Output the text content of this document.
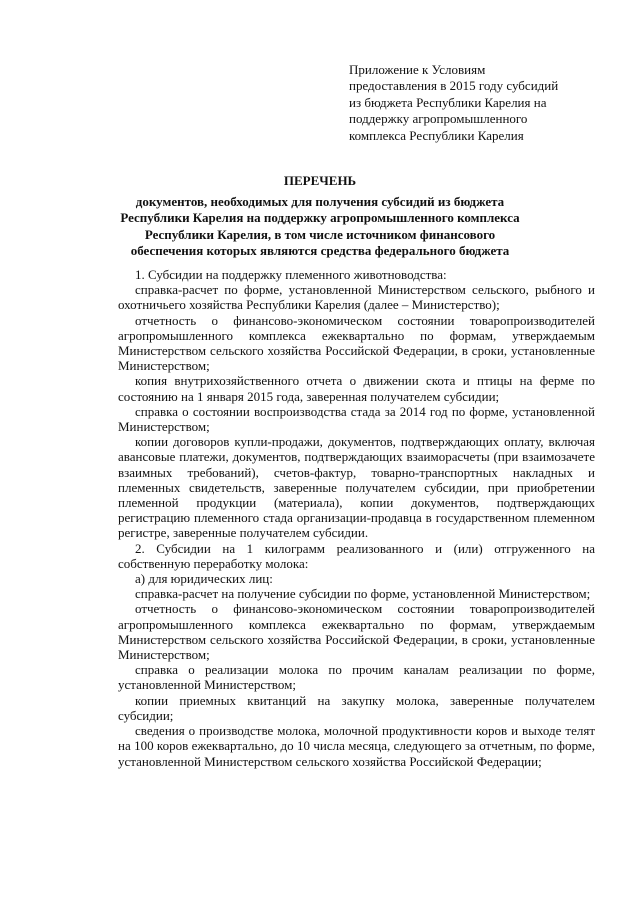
Приложение к Условиям
предоставления в 2015 году субсидий
из бюджета Республики Карелия на
поддержку агропромышленного
комплекса Республики Карелия
ПЕРЕЧЕНЬ
документов, необходимых для получения субсидий из бюджета
Республики Карелия на поддержку агропромышленного комплекса
Республики Карелия, в том числе источником финансового
обеспечения которых являются средства федерального бюджета

1. Субсидии на поддержку племенного животноводства:

справка-расчет по форме, установленной Министерством сельского, рыбного и охотничьего хозяйства Республики Карелия (далее – Министерство);

отчетность о финансово-экономическом состоянии товаропроизводителей агропромышленного комплекса ежеквартально по формам, утверждаемым Министерством сельского хозяйства Российской Федерации, в сроки, установленные Министерством;

копия внутрихозяйственного отчета о движении скота и птицы на ферме по состоянию на 1 января 2015 года, заверенная получателем субсидии;

справка о состоянии воспроизводства стада за 2014 год по форме, установленной Министерством;

копии договоров купли-продажи, документов, подтверждающих оплату, включая авансовые платежи, документов, подтверждающих взаиморасчеты (при взаимозачете взаимных требований), счетов-фактур, товарно-транспортных накладных и племенных свидетельств, заверенные получателем субсидии, при приобретении племенной продукции (материала), копии документов, подтверждающих регистрацию племенного стада организации-продавца в государственном племенном регистре, заверенные получателем субсидии.

2. Субсидии на 1 килограмм реализованного и (или) отгруженного на собственную переработку молока:

а) для юридических лиц:

справка-расчет на получение субсидии по форме, установленной Министерством;

отчетность о финансово-экономическом состоянии товаропроизводителей агропромышленного комплекса ежеквартально по формам, утверждаемым Министерством сельского хозяйства Российской Федерации, в сроки, установленные Министерством;

справка о реализации молока по прочим каналам реализации по форме, установленной Министерством;

копии приемных квитанций на закупку молока, заверенные получателем субсидии;

сведения о производстве молока, молочной продуктивности коров и выходе телят на 100 коров ежеквартально, до 10 числа месяца, следующего за отчетным, по форме, установленной Министерством сельского хозяйства Российской Федерации;
